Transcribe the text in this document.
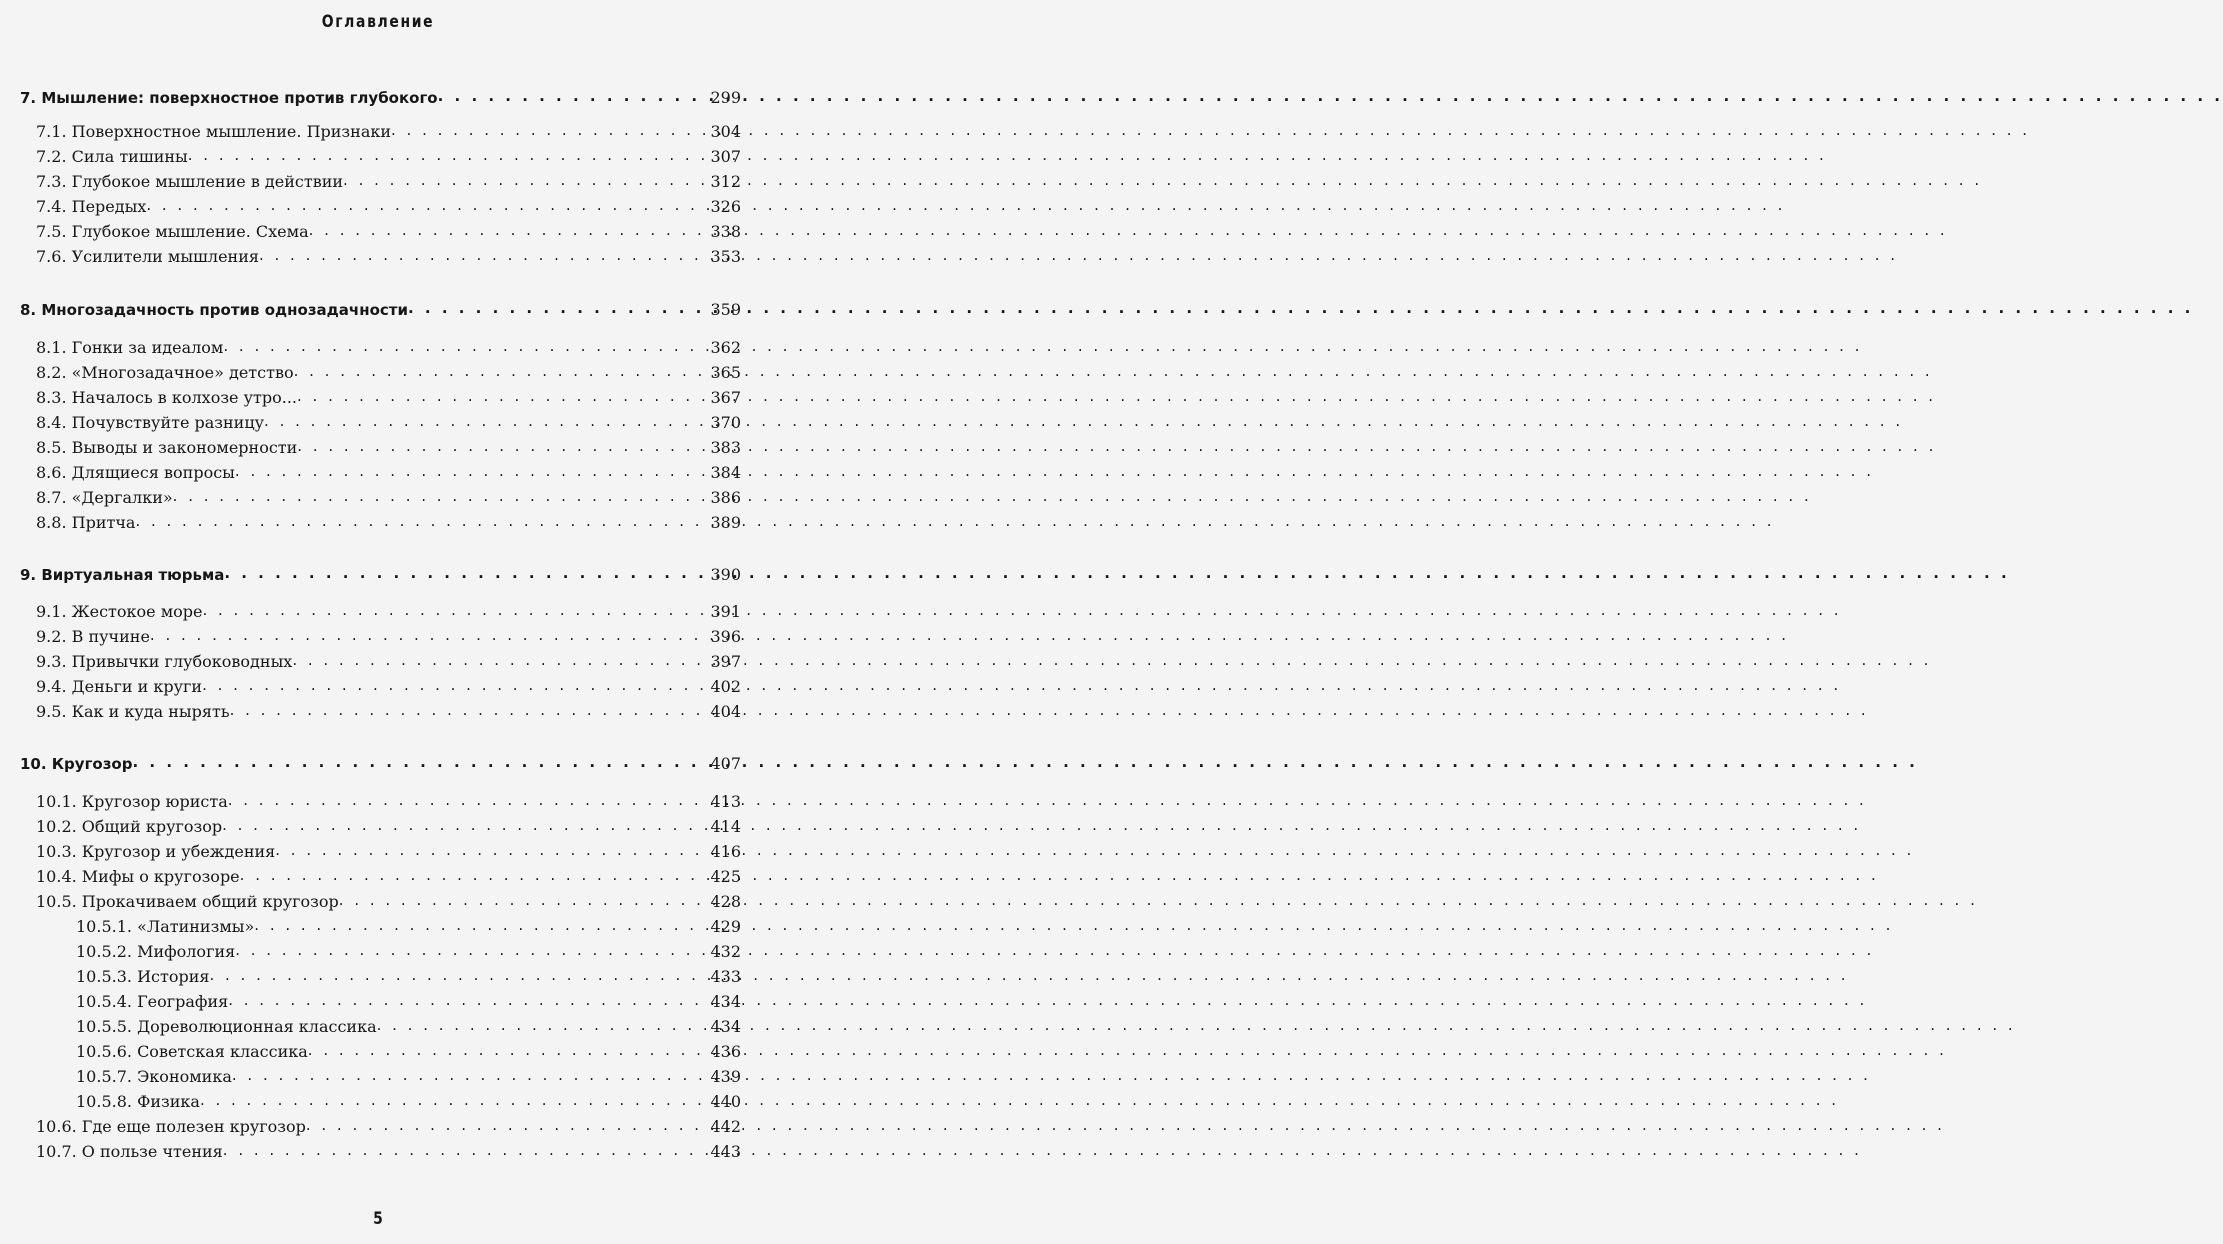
Оглавление
7. Мышление: поверхностное против глубокого . . .	299
7.1. Поверхностное мышление. Признаки . . .	304
7.2. Сила тишины . . .	307
7.3. Глубокое мышление в действии . . .	312
7.4. Передых . . .	326
7.5. Глубокое мышление. Схема . . .	338
7.6. Усилители мышления . . .	353
8. Многозадачность против однозадачности . . .	359
8.1. Гонки за идеалом . . .	362
8.2. «Многозадачное» детство . . .	365
8.3. Началось в колхозе утро... . . .	367
8.4. Почувствуйте разницу . . .	370
8.5. Выводы и закономерности . . .	383
8.6. Длящиеся вопросы . . .	384
8.7. «Дергалки» . . .	386
8.8. Притча . . .	389
9. Виртуальная тюрьма . . .	390
9.1. Жестокое море . . .	391
9.2. В пучине . . .	396
9.3. Привычки глубоководных . . .	397
9.4. Деньги и круги . . .	402
9.5. Как и куда нырять . . .	404
10. Кругозор . . .	407
10.1. Кругозор юриста . . .	413
10.2. Общий кругозор . . .	414
10.3. Кругозор и убеждения . . .	416
10.4. Мифы о кругозоре . . .	425
10.5. Прокачиваем общий кругозор . . .	428
10.5.1. «Латинизмы» . . .	429
10.5.2. Мифология . . .	432
10.5.3. История . . .	433
10.5.4. География . . .	434
10.5.5. Дореволюционная классика . . .	434
10.5.6. Советская классика . . .	436
10.5.7. Экономика . . .	439
10.5.8. Физика . . .	440
10.6. Где еще полезен кругозор . . .	442
10.7. О пользе чтения . . .	443
5
